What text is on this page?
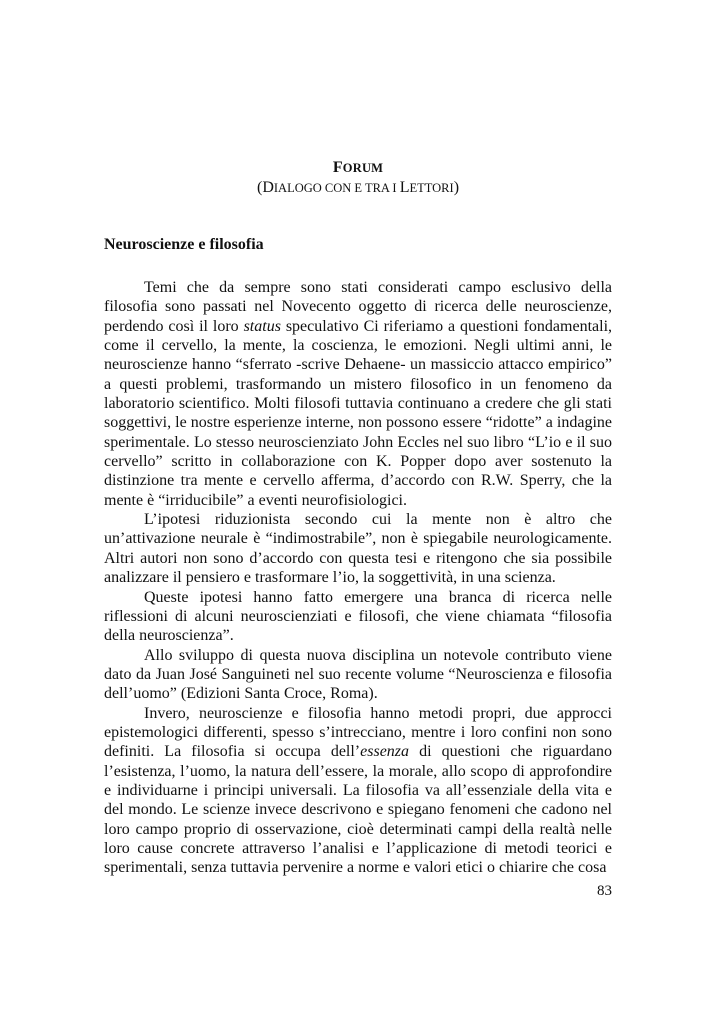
FORUM
(DIALOGO CON E TRA I LETTORI)
Neuroscienze e filosofia

Temi che da sempre sono stati considerati campo esclusivo della filosofia sono passati nel Novecento oggetto di ricerca delle neuroscienze, perdendo così il loro status speculativo Ci riferiamo a questioni fondamentali, come il cervello, la mente, la coscienza, le emozioni. Negli ultimi anni, le neuroscienze hanno “sferrato -scrive Dehaene- un massiccio attacco empirico” a questi problemi, trasformando un mistero filosofico in un fenomeno da laboratorio scientifico. Molti filosofi tuttavia continuano a credere che gli stati soggettivi, le nostre esperienze interne, non possono essere “ridotte” a indagine sperimentale. Lo stesso neuroscienziato John Eccles nel suo libro “L’io e il suo cervello” scritto in collaborazione con K. Popper dopo aver sostenuto la distinzione tra mente e cervello afferma, d’accordo con R.W. Sperry, che la mente è “irriducibile” a eventi neurofisiologici.

L’ipotesi riduzionista secondo cui la mente non è altro che un’attivazione neurale è “indimostrabile”, non è spiegabile neurologicamente. Altri autori non sono d’accordo con questa tesi e ritengono che sia possibile analizzare il pensiero e trasformare l’io, la soggettività, in una scienza.

Queste ipotesi hanno fatto emergere una branca di ricerca nelle riflessioni di alcuni neuroscienziati e filosofi, che viene chiamata “filosofia della neuroscienza”.

Allo sviluppo di questa nuova disciplina un notevole contributo viene dato da Juan José Sanguineti nel suo recente volume “Neuroscienza e filosofia dell’uomo” (Edizioni Santa Croce, Roma).

Invero, neuroscienze e filosofia hanno metodi propri, due approcci epistemologici differenti, spesso s’intrecciano, mentre i loro confini non sono definiti. La filosofia si occupa dell’essenza di questioni che riguardano l’esistenza, l’uomo, la natura dell’essere, la morale, allo scopo di approfondire e individuarne i principi universali. La filosofia va all’essenziale della vita e del mondo. Le scienze invece descrivono e spiegano fenomeni che cadono nel loro campo proprio di osservazione, cioè determinati campi della realtà nelle loro cause concrete attraverso l’analisi e l’applicazione di metodi teorici e sperimentali, senza tuttavia pervenire a norme e valori etici o chiarire che cosa

83
